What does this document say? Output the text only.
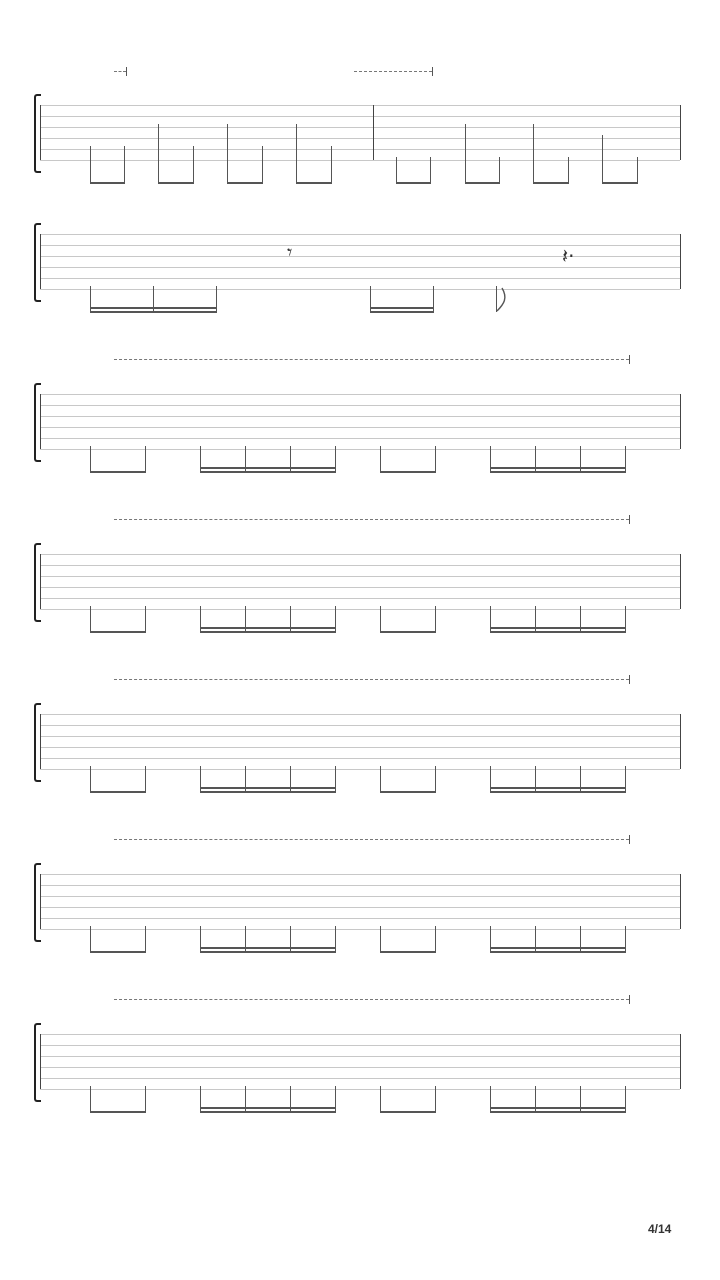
𝄾	𝄽·
4/14
